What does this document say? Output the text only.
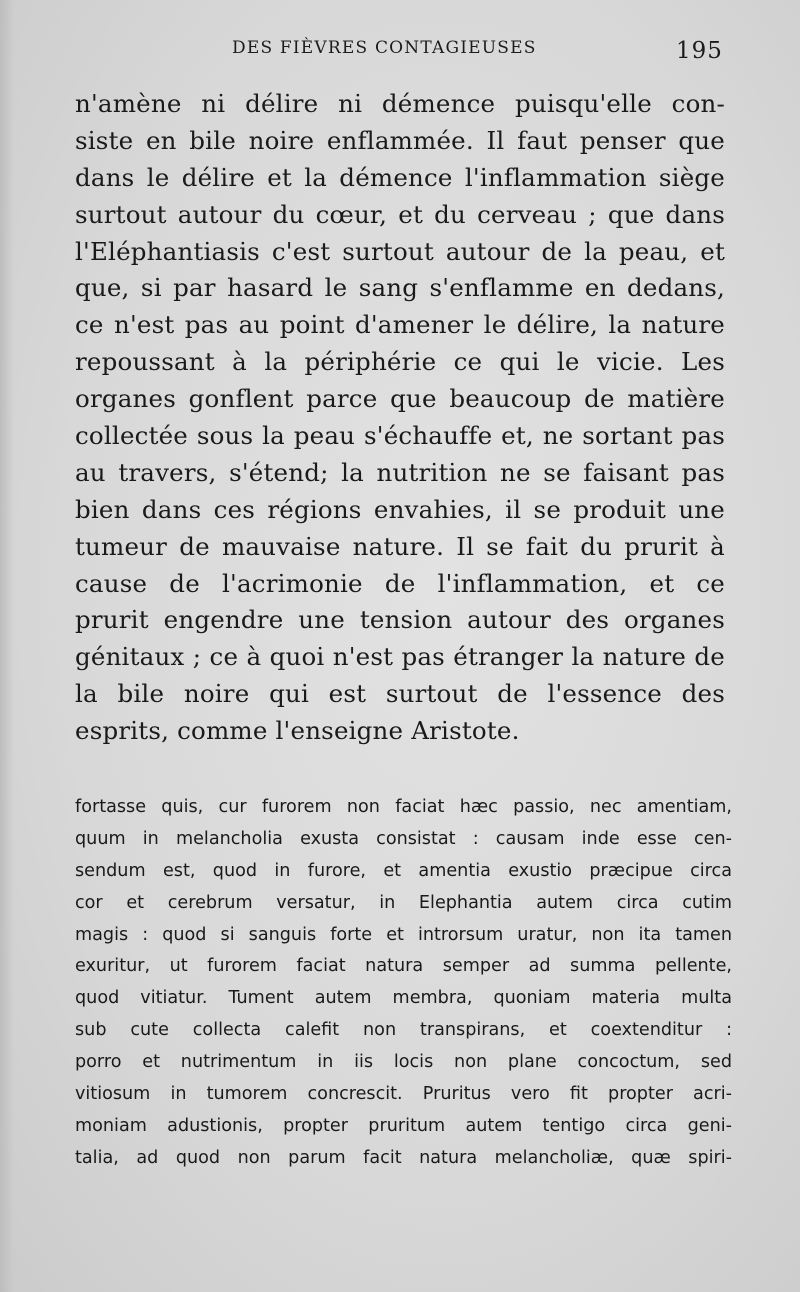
DES FIÈVRES CONTAGIEUSES	195
n'amène ni délire ni démence puisqu'elle con-
siste en bile noire enflammée. Il faut penser que
dans le délire et la démence l'inflammation siège
surtout autour du cœur, et du cerveau ; que dans
l'Eléphantiasis c'est surtout autour de la peau, et
que, si par hasard le sang s'enflamme en dedans,
ce n'est pas au point d'amener le délire, la nature
repoussant à la périphérie ce qui le vicie. Les
organes gonflent parce que beaucoup de matière
collectée sous la peau s'échauffe et, ne sortant pas
au travers, s'étend; la nutrition ne se faisant pas
bien dans ces régions envahies, il se produit une
tumeur de mauvaise nature. Il se fait du prurit à
cause de l'acrimonie de l'inflammation, et ce
prurit engendre une tension autour des organes
génitaux ; ce à quoi n'est pas étranger la nature de
la bile noire qui est surtout de l'essence des
esprits, comme l'enseigne Aristote.
fortasse quis, cur furorem non faciat hæc passio, nec amentiam,
quum in melancholia exusta consistat : causam inde esse cen-
sendum est, quod in furore, et amentia exustio præcipue circa
cor et cerebrum versatur, in Elephantia autem circa cutim
magis : quod si sanguis forte et introrsum uratur, non ita tamen
exuritur, ut furorem faciat natura semper ad summa pellente,
quod vitiatur. Tument autem membra, quoniam materia multa
sub cute collecta calefit non transpirans, et coextenditur :
porro et nutrimentum in iis locis non plane concoctum, sed
vitiosum in tumorem concrescit. Pruritus vero fit propter acri-
moniam adustionis, propter pruritum autem tentigo circa geni-
talia, ad quod non parum facit natura melancholiæ, quæ spiri-
